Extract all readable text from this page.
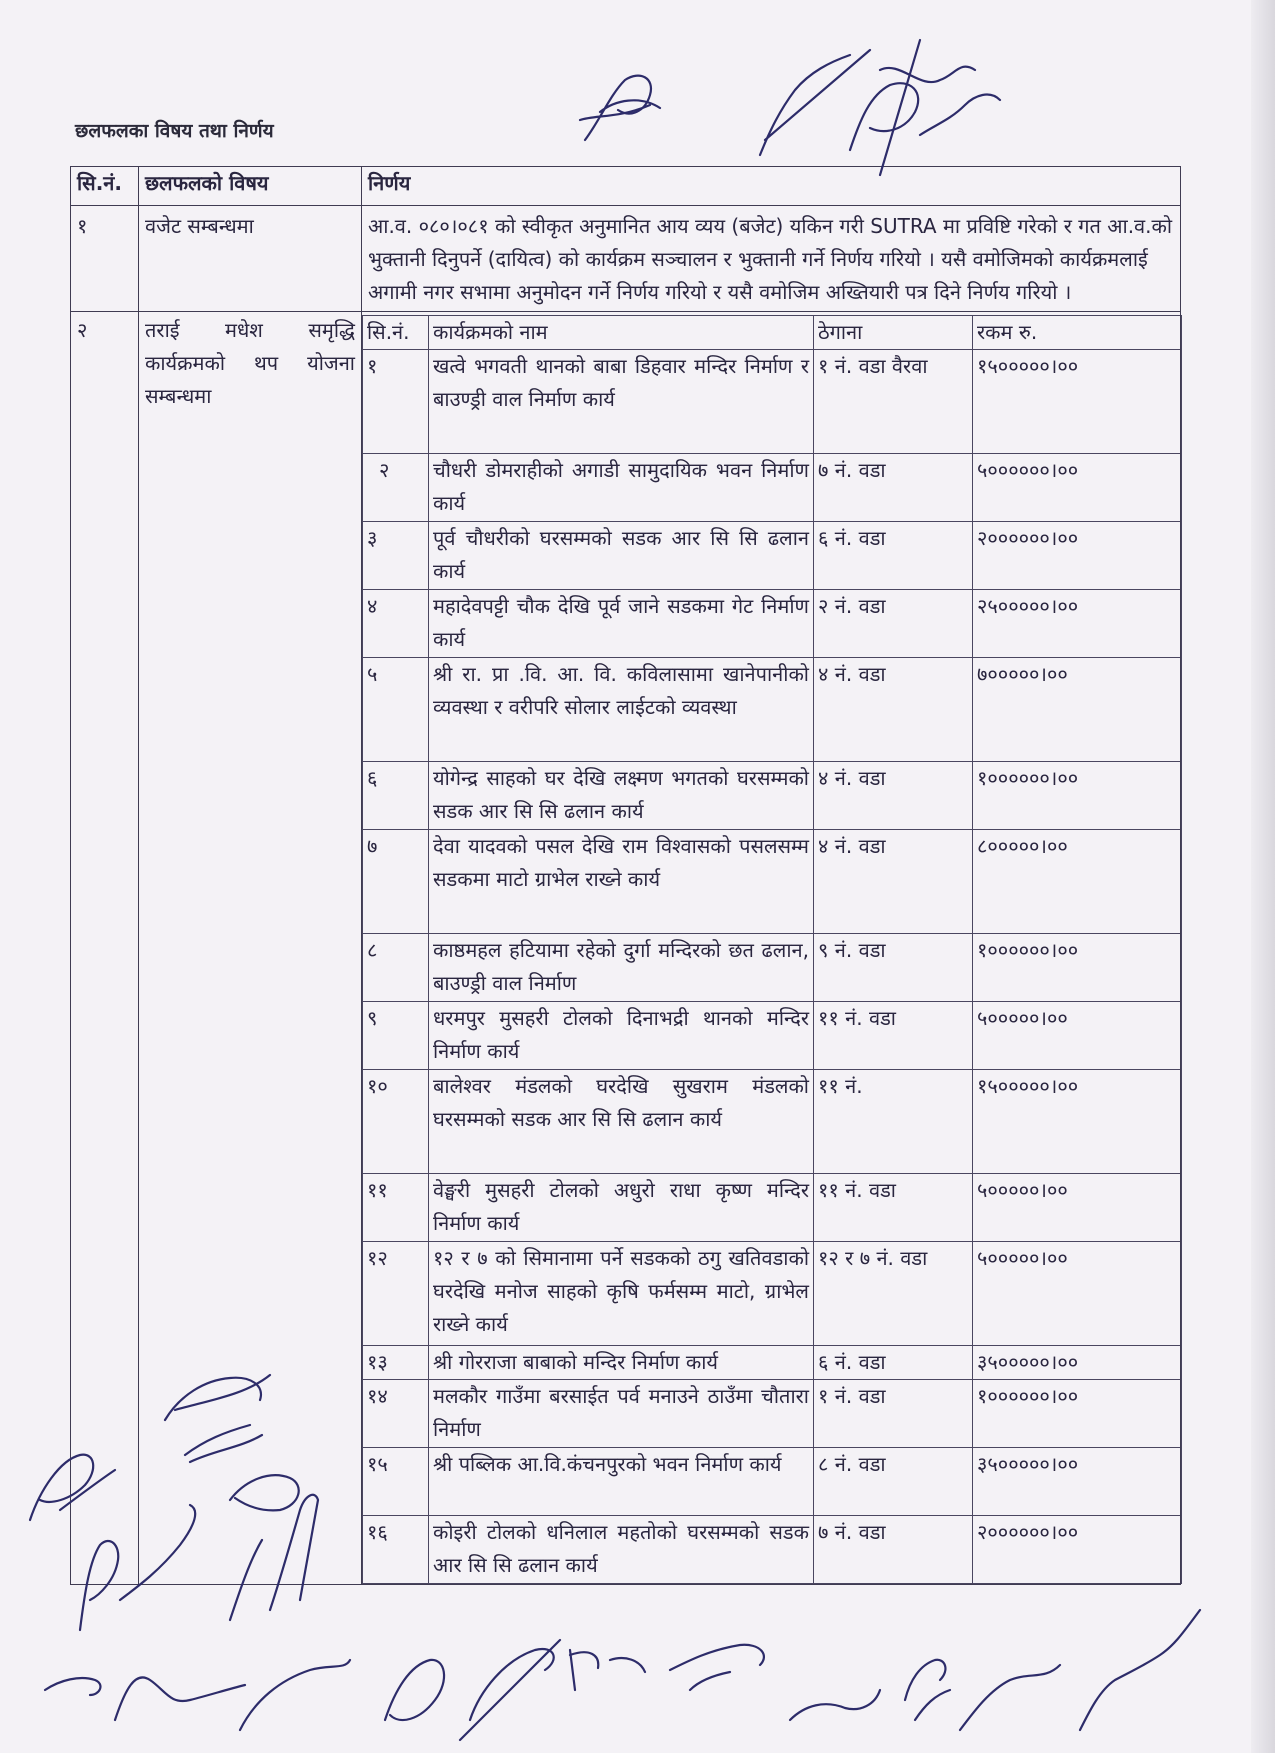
छलफलका विषय तथा निर्णय
सि.नं.	छलफलको विषय	निर्णय
१	वजेट सम्बन्धमा	आ.व. ०८०।०८१ को स्वीकृत अनुमानित आय व्यय (बजेट) यकिन गरी SUTRA मा प्रविष्टि गरेको र गत आ.व.को भुक्तानी दिनुपर्ने (दायित्व) को कार्यक्रम सञ्चालन र भुक्तानी गर्ने निर्णय गरियो । यसै वमोजिमको कार्यक्रमलाई अगामी नगर सभामा अनुमोदन गर्ने निर्णय गरियो र यसै वमोजिम अख्तियारी पत्र दिने निर्णय गरियो ।
२	तराई मधेश समृद्धि कार्यक्रमको थप योजना सम्बन्धमा	
सि.नं.	कार्यक्रमको नाम	ठेगाना	रकम रु.
१	खत्वे भगवती थानको बाबा डिहवार मन्दिर निर्माण र बाउण्ड्री वाल निर्माण कार्य	१ नं. वडा वैरवा	१५०००००।००
२	चौधरी डोमराहीको अगाडी सामुदायिक भवन निर्माण कार्य	७ नं. वडा	५००००००।००
३	पूर्व चौधरीको घरसम्मको सडक आर सि सि ढलान कार्य	६ नं. वडा	२००००००।००
४	महादेवपट्टी चौक देखि पूर्व जाने सडकमा गेट निर्माण कार्य	२ नं. वडा	२५०००००।००
५	श्री रा. प्रा .वि. आ. वि. कविलासामा खानेपानीको व्यवस्था र वरीपरि सोलार लाईटको व्यवस्था	४ नं. वडा	७०००००।००
६	योगेन्द्र साहको घर देखि लक्ष्मण भगतको घरसम्मको सडक आर सि सि ढलान कार्य	४ नं. वडा	१००००००।००
७	देवा यादवको पसल देखि राम विश्वासको पसलसम्म सडकमा माटो ग्राभेल राख्ने कार्य	४ नं. वडा	८०००००।००
८	काष्ठमहल हटियामा रहेको दुर्गा मन्दिरको छत ढलान, बाउण्ड्री वाल निर्माण	९ नं. वडा	१००००००।००
९	धरमपुर मुसहरी टोलको दिनाभद्री थानको मन्दिर निर्माण कार्य	११ नं. वडा	५०००००।००
१०	बालेश्वर मंडलको घरदेखि सुखराम मंडलको घरसम्मको सडक आर सि सि ढलान कार्य	११ नं.	१५०००००।००
११	वेङ्घरी मुसहरी टोलको अधुरो राधा कृष्ण मन्दिर निर्माण कार्य	११ नं. वडा	५०००००।००
१२	१२ र ७ को सिमानामा पर्ने सडकको ठगु खतिवडाको घरदेखि मनोज साहको कृषि फर्मसम्म माटो, ग्राभेल राख्ने कार्य	१२ र ७ नं. वडा	५०००००।००
१३	श्री गोरराजा बाबाको मन्दिर निर्माण कार्य	६ नं. वडा	३५०००००।००
१४	मलकौर गाउँमा बरसाईत पर्व मनाउने ठाउँमा चौतारा निर्माण	१ नं. वडा	१००००००।००
१५	श्री पब्लिक आ.वि.कंचनपुरको भवन निर्माण कार्य	८ नं. वडा	३५०००००।००
१६	कोइरी टोलको धनिलाल महतोको घरसम्मको सडक आर सि सि ढलान कार्य	७ नं. वडा	२००००००।००
